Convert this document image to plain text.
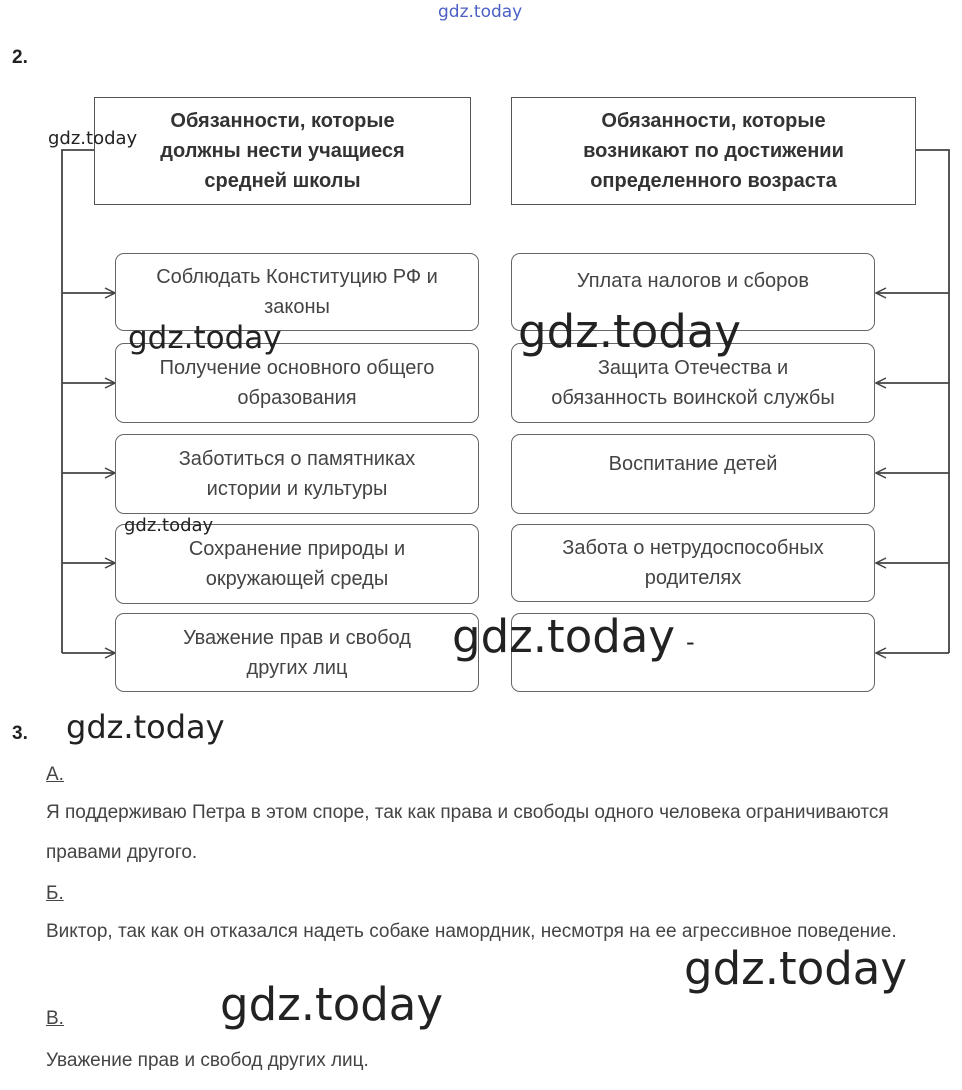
gdz.today
2.
Обязанности, которые
должны нести учащиеся
средней школы
Обязанности, которые
возникают по достижении
определенного возраста
Соблюдать Конституцию РФ и
законы
Получение основного общего
образования
Заботиться о памятниках
истории и культуры
Сохранение природы и
окружающей среды
Уважение прав и свобод
других лиц
Уплата налогов и сборов
Защита Отечества и
обязанность воинской службы
Воспитание детей
Забота о нетрудоспособных
родителях
gdz.today
gdz.today	gdz.today
gdz.today
gdz.today -
3. gdz.today
А.
Я поддерживаю Петра в этом споре, так как права и свободы одного человека ограничиваются правами другого.
Б.
Виктор, так как он отказался надеть собаке намордник, несмотря на ее агрессивное поведение.
В.
Уважение прав и свобод других лиц.
gdz.today
gdz.today
